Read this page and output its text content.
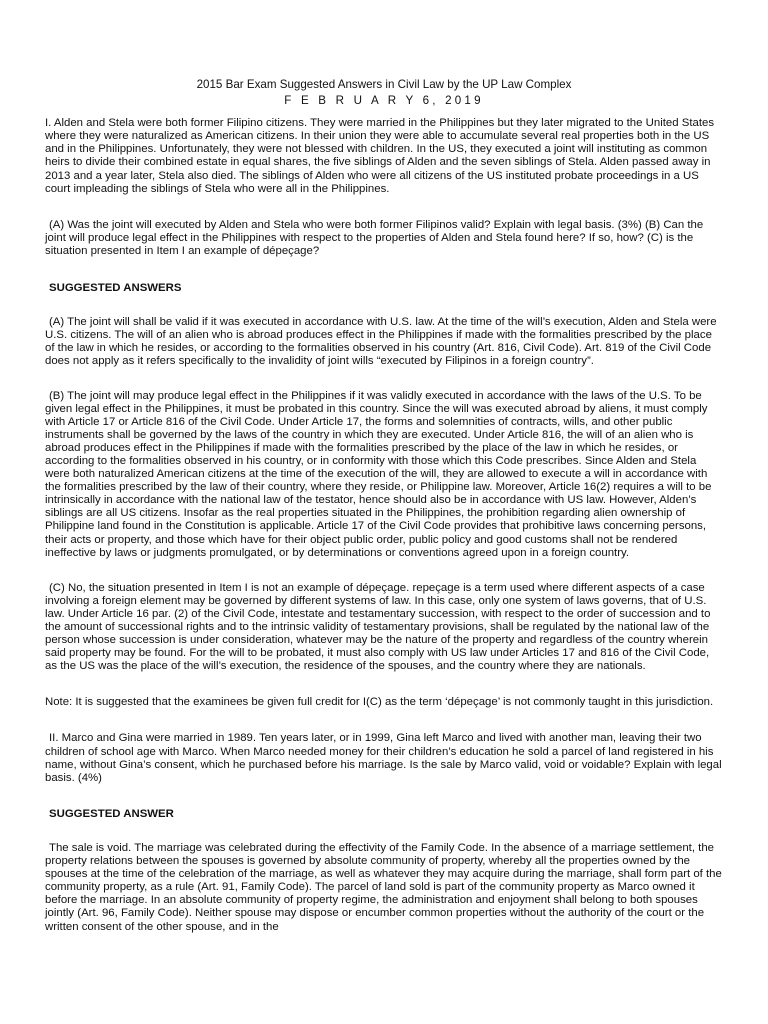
2015 Bar Exam Suggested Answers in Civil Law by the UP Law Complex

F E B R U A R Y 6, 2019

I. Alden and Stela were both former Filipino citizens. They were married in the Philippines but they later migrated to the United States where they were naturalized as American citizens. In their union they were able to accumulate several real properties both in the US and in the Philippines. Unfortunately, they were not blessed with children. In the US, they executed a joint will instituting as common heirs to divide their combined estate in equal shares, the five siblings of Alden and the seven siblings of Stela. Alden passed away in 2013 and a year later, Stela also died. The siblings of Alden who were all citizens of the US instituted probate proceedings in a US court impleading the siblings of Stela who were all in the Philippines.

(A) Was the joint will executed by Alden and Stela who were both former Filipinos valid? Explain with legal basis. (3%) (B) Can the joint will produce legal effect in the Philippines with respect to the properties of Alden and Stela found here? If so, how? (C) is the situation presented in Item I an example of dépeçage?

SUGGESTED ANSWERS

(A) The joint will shall be valid if it was executed in accordance with U.S. law. At the time of the will’s execution, Alden and Stela were U.S. citizens. The will of an alien who is abroad produces effect in the Philippines if made with the formalities prescribed by the place of the law in which he resides, or according to the formalities observed in his country (Art. 816, Civil Code). Art. 819 of the Civil Code does not apply as it refers specifically to the invalidity of joint wills “executed by Filipinos in a foreign country”.

(B) The joint will may produce legal effect in the Philippines if it was validly executed in accordance with the laws of the U.S. To be given legal effect in the Philippines, it must be probated in this country. Since the will was executed abroad by aliens, it must comply with Article 17 or Article 816 of the Civil Code. Under Article 17, the forms and solemnities of contracts, wills, and other public instruments shall be governed by the laws of the country in which they are executed. Under Article 816, the will of an alien who is abroad produces effect in the Philippines if made with the formalities prescribed by the place of the law in which he resides, or according to the formalities observed in his country, or in conformity with those which this Code prescribes. Since Alden and Stela were both naturalized American citizens at the time of the execution of the will, they are allowed to execute a will in accordance with the formalities prescribed by the law of their country, where they reside, or Philippine law. Moreover, Article 16(2) requires a will to be intrinsically in accordance with the national law of the testator, hence should also be in accordance with US law. However, Alden’s siblings are all US citizens. Insofar as the real properties situated in the Philippines, the prohibition regarding alien ownership of Philippine land found in the Constitution is applicable. Article 17 of the Civil Code provides that prohibitive laws concerning persons, their acts or property, and those which have for their object public order, public policy and good customs shall not be rendered ineffective by laws or judgments promulgated, or by determinations or conventions agreed upon in a foreign country.

(C) No, the situation presented in Item I is not an example of dépeçage. repeçage is a term used where different aspects of a case involving a foreign element may be governed by different systems of law. In this case, only one system of laws governs, that of U.S. law. Under Article 16 par. (2) of the Civil Code, intestate and testamentary succession, with respect to the order of succession and to the amount of successional rights and to the intrinsic validity of testamentary provisions, shall be regulated by the national law of the person whose succession is under consideration, whatever may be the nature of the property and regardless of the country wherein said property may be found. For the will to be probated, it must also comply with US law under Articles 17 and 816 of the Civil Code, as the US was the place of the will’s execution, the residence of the spouses, and the country where they are nationals.

Note: It is suggested that the examinees be given full credit for I(C) as the term ‘dépeçage’ is not commonly taught in this jurisdiction.

II. Marco and Gina were married in 1989. Ten years later, or in 1999, Gina left Marco and lived with another man, leaving their two children of school age with Marco. When Marco needed money for their children’s education he sold a parcel of land registered in his name, without Gina’s consent, which he purchased before his marriage. Is the sale by Marco valid, void or voidable? Explain with legal basis. (4%)

SUGGESTED ANSWER

The sale is void. The marriage was celebrated during the effectivity of the Family Code. In the absence of a marriage settlement, the property relations between the spouses is governed by absolute community of property, whereby all the properties owned by the spouses at the time of the celebration of the marriage, as well as whatever they may acquire during the marriage, shall form part of the community property, as a rule (Art. 91, Family Code). The parcel of land sold is part of the community property as Marco owned it before the marriage. In an absolute community of property regime, the administration and enjoyment shall belong to both spouses jointly (Art. 96, Family Code). Neither spouse may dispose or encumber common properties without the authority of the court or the written consent of the other spouse, and in the
